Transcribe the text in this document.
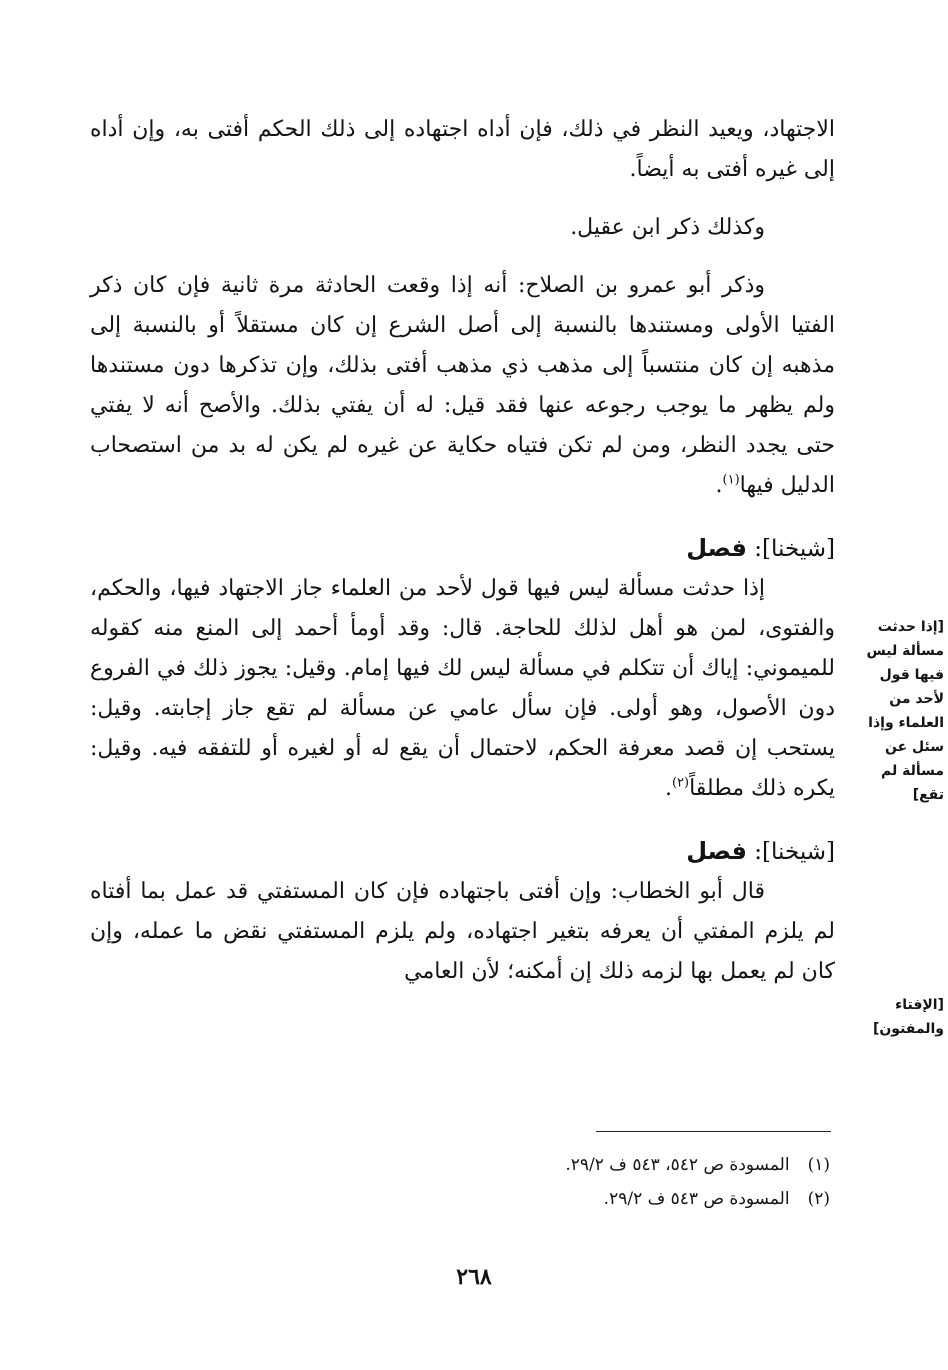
الاجتهاد، ويعيد النظر في ذلك، فإن أداه اجتهاده إلى ذلك الحكم أفتى به، وإن أداه إلى غيره أفتى به أيضاً.

وكذلك ذكر ابن عقيل.

وذكر أبو عمرو بن الصلاح: أنه إذا وقعت الحادثة مرة ثانية فإن كان ذكر الفتيا الأولى ومستندها بالنسبة إلى أصل الشرع إن كان مستقلاً أو بالنسبة إلى مذهبه إن كان منتسباً إلى مذهب ذي مذهب أفتى بذلك، وإن تذكرها دون مستندها ولم يظهر ما يوجب رجوعه عنها فقد قيل: له أن يفتي بذلك. والأصح أنه لا يفتي حتى يجدد النظر، ومن لم تكن فتياه حكاية عن غيره لم يكن له بد من استصحاب الدليل فيها$^{(١)}$.

[شيخنا]: فصل

إذا حدثت مسألة ليس فيها قول لأحد من العلماء جاز الاجتهاد فيها، والحكم، والفتوى، لمن هو أهل لذلك للحاجة. قال: وقد أومأ أحمد إلى المنع منه كقوله للميموني: إياك أن تتكلم في مسألة ليس لك فيها إمام. وقيل: يجوز ذلك في الفروع دون الأصول، وهو أولى. فإن سأل عامي عن مسألة لم تقع جاز إجابته. وقيل: يستحب إن قصد معرفة الحكم، لاحتمال أن يقع له أو لغيره أو للتفقه فيه. وقيل: يكره ذلك مطلقاً$^{(٢)}$.

[شيخنا]: فصل

قال أبو الخطاب: وإن أفتى باجتهاده فإن كان المستفتي قد عمل بما أفتاه لم يلزم المفتي أن يعرفه بتغير اجتهاده، ولم يلزم المستفتي نقض ما عمله، وإن كان لم يعمل بها لزمه ذلك إن أمكنه؛ لأن العامي

[إذا حدثت مسألة ليس فيها قول لأحد من العلماء وإذا سئل عن مسألة لم تقع]
[الإفتاء والمفتون]
(١)المسودة ص ٥٤٢، ٥٤٣ ف ٢٩/٢.
(٢)المسودة ص ٥٤٣ ف ٢٩/٢.
٢٦٨
